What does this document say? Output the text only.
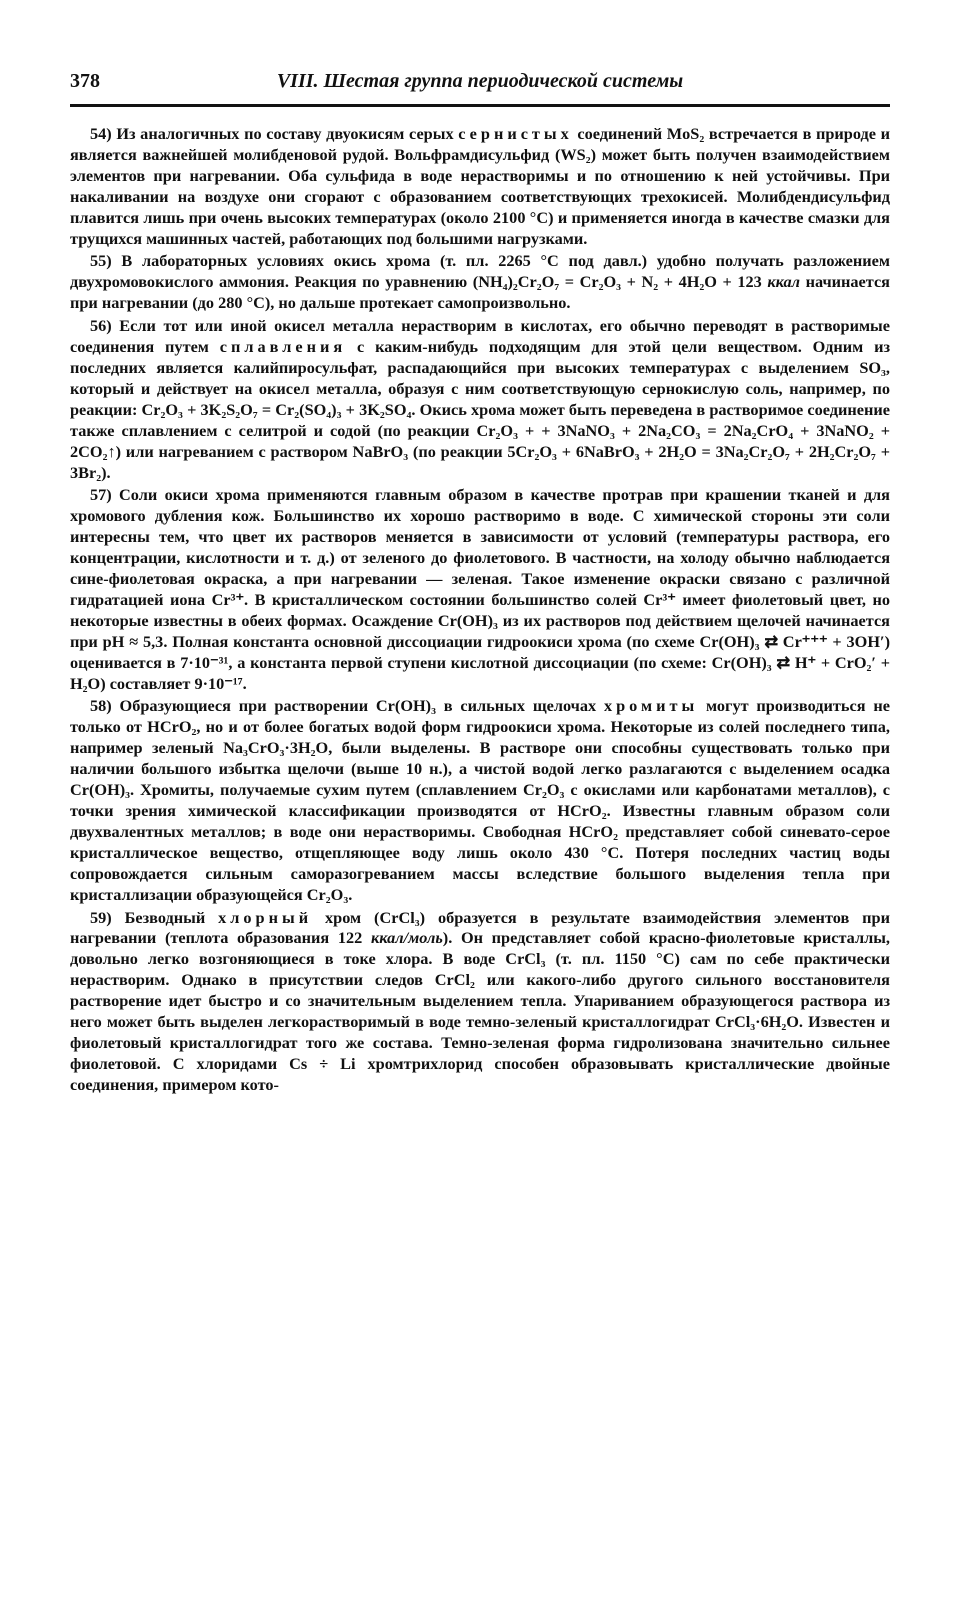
378	VIII. Шестая группа периодической системы

54) Из аналогичных по составу двуокисям серых сернистых соединений MoS₂ встречается в природе и является важнейшей молибденовой рудой. Вольфрамдисульфид (WS₂) может быть получен взаимодействием элементов при нагревании. Оба сульфида в воде нерастворимы и по отношению к ней устойчивы. При накаливании на воздухе они сгорают с образованием соответствующих трехокисей. Молибдендисульфид плавится лишь при очень высоких температурах (около 2100 °С) и применяется иногда в качестве смазки для трущихся машинных частей, работающих под большими нагрузками.

55) В лабораторных условиях окись хрома (т. пл. 2265 °С под давл.) удобно получать разложением двухромовокислого аммония. Реакция по уравнению (NH₄)₂Cr₂O₇ = Cr₂O₃ + N₂ + 4H₂O + 123 ккал начинается при нагревании (до 280 °С), но дальше протекает самопроизвольно.

56) Если тот или иной окисел металла нерастворим в кислотах, его обычно переводят в растворимые соединения путем сплавления с каким-нибудь подходящим для этой цели веществом. Одним из последних является калийпиросульфат, распадающийся при высоких температурах с выделением SO₃, который и действует на окисел металла, образуя с ним соответствующую сернокислую соль, например, по реакции: Cr₂O₃ + 3K₂S₂O₇ = Cr₂(SO₄)₃ + 3K₂SO₄. Окись хрома может быть переведена в растворимое соединение также сплавлением с селитрой и содой (по реакции Cr₂O₃ + + 3NaNO₃ + 2Na₂CO₃ = 2Na₂CrO₄ + 3NaNO₂ + 2CO₂↑) или нагреванием с раствором NaBrO₃ (по реакции 5Cr₂O₃ + 6NaBrO₃ + 2H₂O = 3Na₂Cr₂O₇ + 2H₂Cr₂O₇ + 3Br₂).

57) Соли окиси хрома применяются главным образом в качестве протрав при крашении тканей и для хромового дубления кож. Большинство их хорошо растворимо в воде. С химической стороны эти соли интересны тем, что цвет их растворов меняется в зависимости от условий (температуры раствора, его концентрации, кислотности и т. д.) от зеленого до фиолетового. В частности, на холоду обычно наблюдается сине-фиолетовая окраска, а при нагревании — зеленая. Такое изменение окраски связано с различной гидратацией иона Cr³⁺. В кристаллическом состоянии большинство солей Cr³⁺ имеет фиолетовый цвет, но некоторые известны в обеих формах. Осаждение Cr(OH)₃ из их растворов под действием щелочей начинается при pH ≈ 5,3. Полная константа основной диссоциации гидроокиси хрома (по схеме Cr(OH)₃ ⇄ Cr⁺⁺⁺ + 3OH′) оценивается в 7·10⁻³¹, а константа первой ступени кислотной диссоциации (по схеме: Cr(OH)₃ ⇄ H⁺ + CrO₂′ + H₂O) составляет 9·10⁻¹⁷.

58) Образующиеся при растворении Cr(OH)₃ в сильных щелочах хромиты могут производиться не только от HCrO₂, но и от более богатых водой форм гидроокиси хрома. Некоторые из солей последнего типа, например зеленый Na₃CrO₃·3H₂O, были выделены. В растворе они способны существовать только при наличии большого избытка щелочи (выше 10 н.), а чистой водой легко разлагаются с выделением осадка Cr(OH)₃. Хромиты, получаемые сухим путем (сплавлением Cr₂O₃ с окислами или карбонатами металлов), с точки зрения химической классификации производятся от HCrO₂. Известны главным образом соли двухвалентных металлов; в воде они нерастворимы. Свободная HCrO₂ представляет собой синевато-серое кристаллическое вещество, отщепляющее воду лишь около 430 °С. Потеря последних частиц воды сопровождается сильным саморазогреванием массы вследствие большого выделения тепла при кристаллизации образующейся Cr₂O₃.

59) Безводный хлорный хром (CrCl₃) образуется в результате взаимодействия элементов при нагревании (теплота образования 122 ккал/моль). Он представляет собой красно-фиолетовые кристаллы, довольно легко возгоняющиеся в токе хлора. В воде CrCl₃ (т. пл. 1150 °С) сам по себе практически нерастворим. Однако в присутствии следов CrCl₂ или какого-либо другого сильного восстановителя растворение идет быстро и со значительным выделением тепла. Упариванием образующегося раствора из него может быть выделен легкорастворимый в воде темно-зеленый кристаллогидрат CrCl₃·6H₂O. Известен и фиолетовый кристаллогидрат того же состава. Темно-зеленая форма гидролизована значительно сильнее фиолетовой. С хлоридами Cs ÷ Li хромтрихлорид способен образовывать кристаллические двойные соединения, примером кото-
